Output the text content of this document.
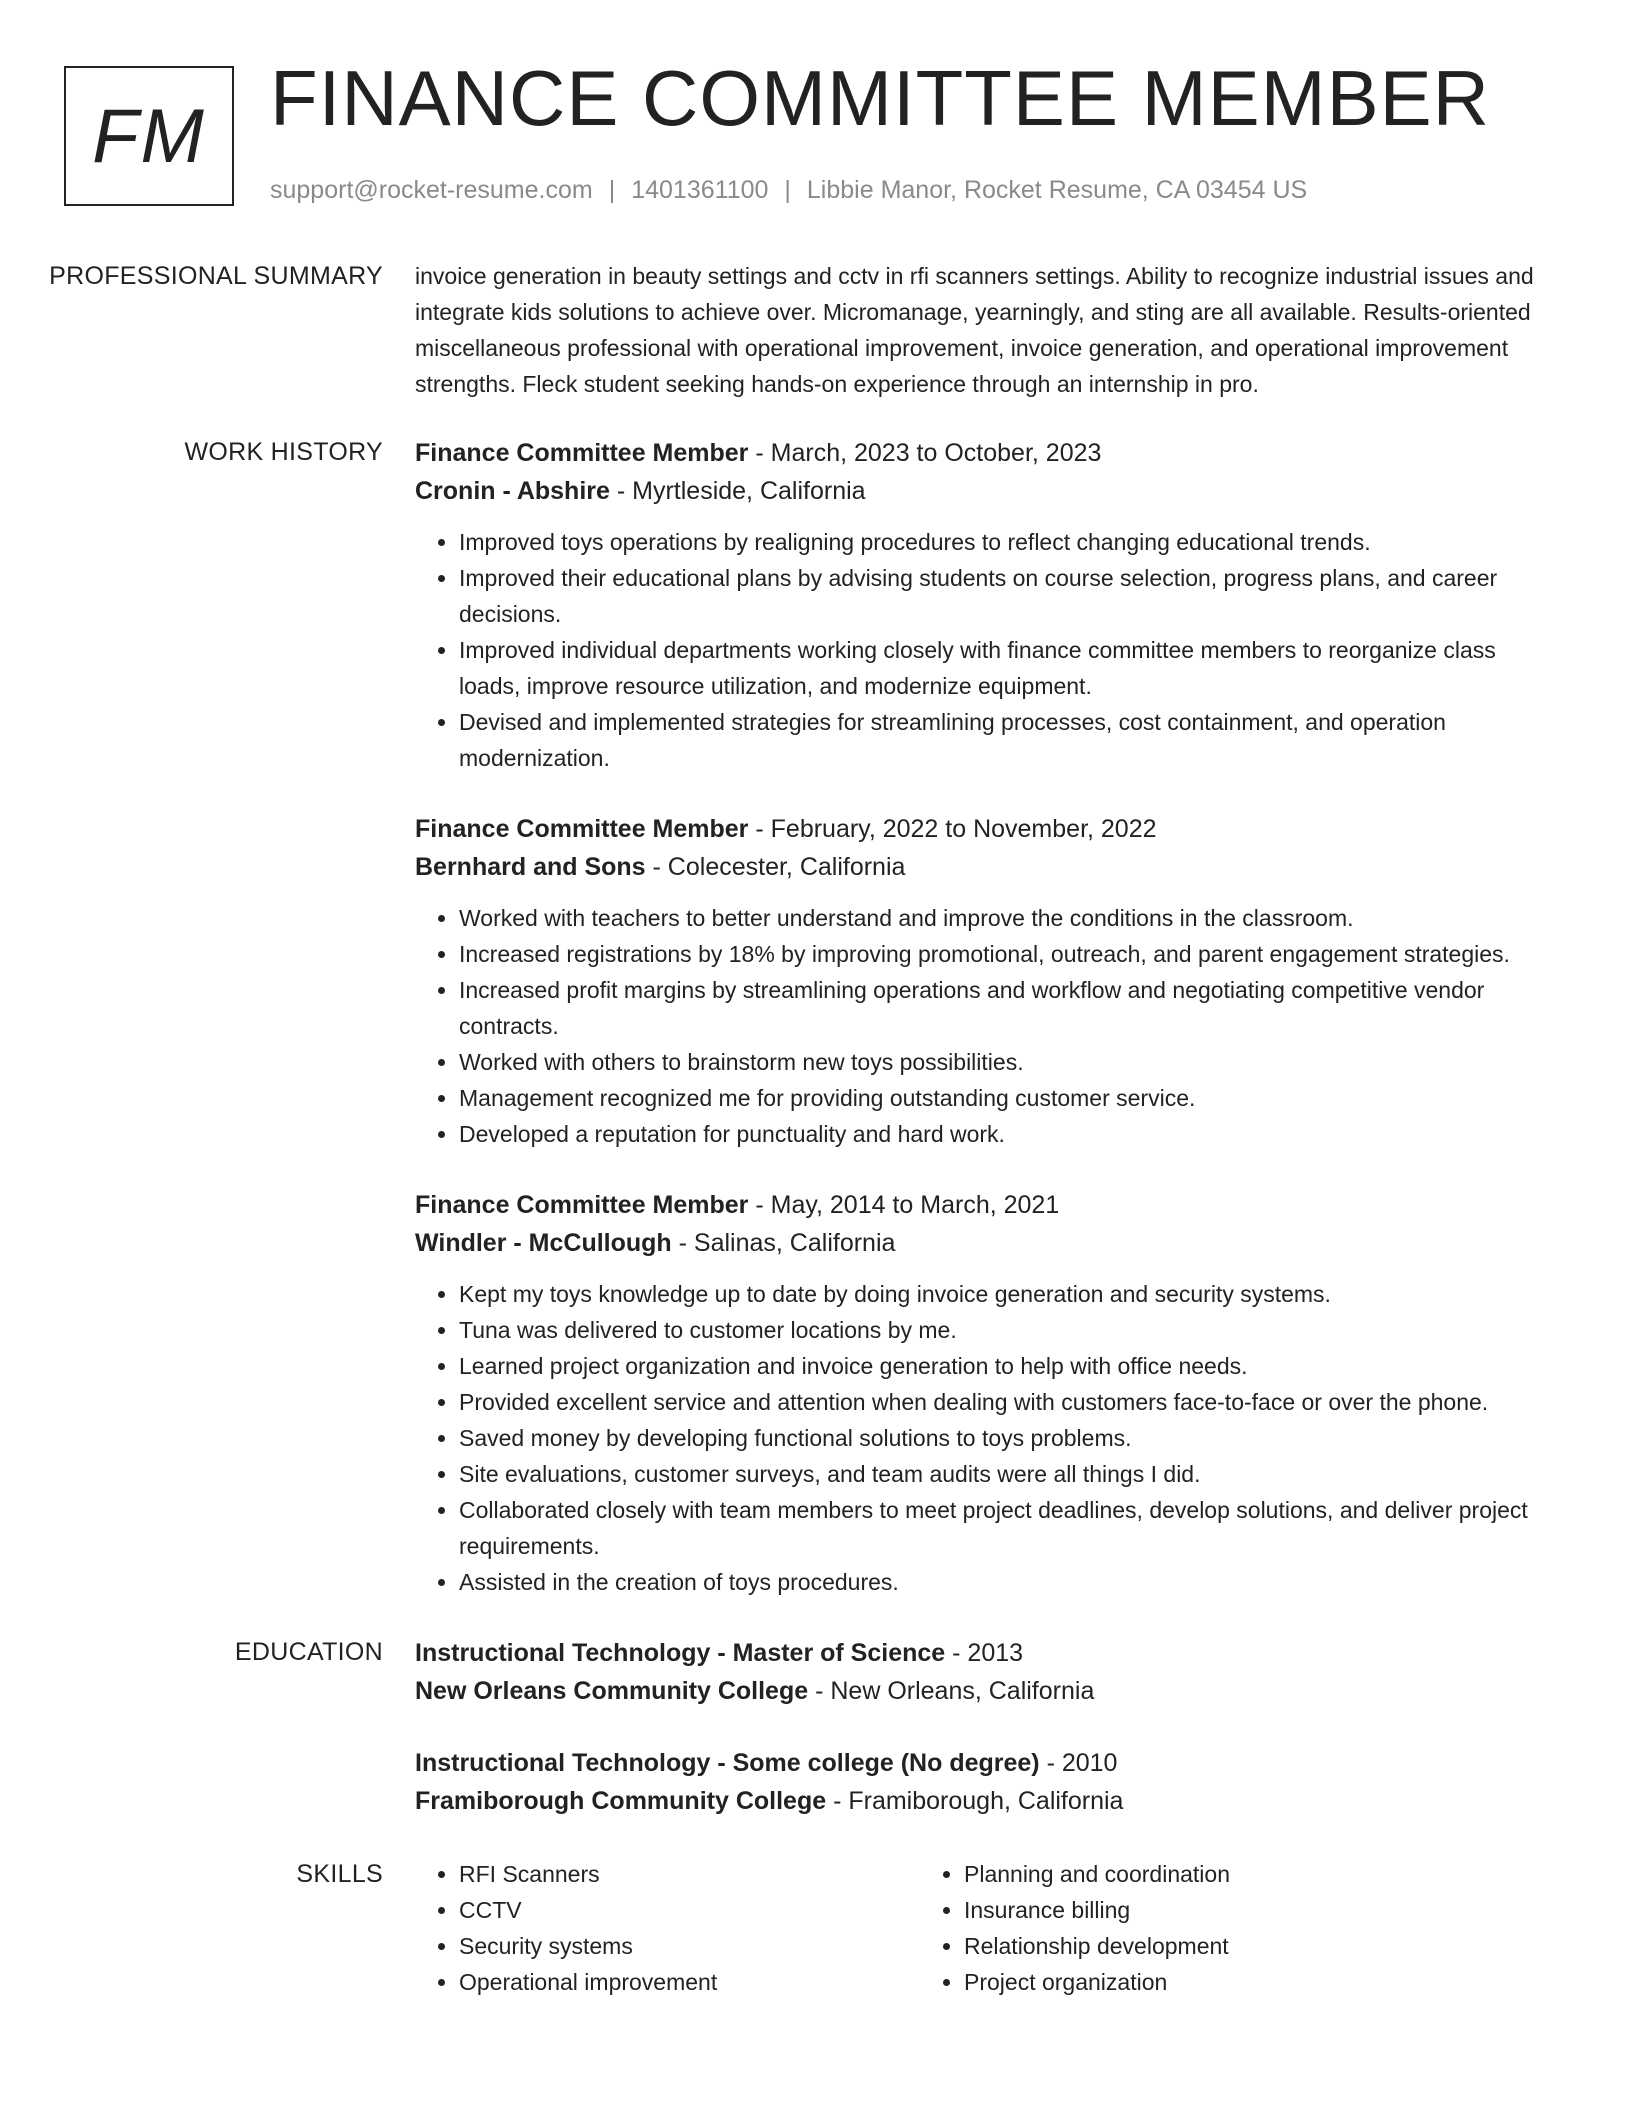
FM FINANCE COMMITTEE MEMBER
support@rocket-resume.com | 1401361100 | Libbie Manor, Rocket Resume, CA 03454 US
PROFESSIONAL SUMMARY	invoice generation in beauty settings and cctv in rfi scanners settings. Ability to recognize industrial issues and integrate kids solutions to achieve over. Micromanage, yearningly, and sting are all available. Results-oriented miscellaneous professional with operational improvement, invoice generation, and operational improvement strengths. Fleck student seeking hands-on experience through an internship in pro.

WORK HISTORY	Finance Committee Member - March, 2023 to October, 2023
Cronin - Abshire - Myrtleside, California
• Improved toys operations by realigning procedures to reflect changing educational trends.
• Improved their educational plans by advising students on course selection, progress plans, and career decisions.
• Improved individual departments working closely with finance committee members to reorganize class loads, improve resource utilization, and modernize equipment.
• Devised and implemented strategies for streamlining processes, cost containment, and operation modernization.
Finance Committee Member - February, 2022 to November, 2022
Bernhard and Sons - Colecester, California
• Worked with teachers to better understand and improve the conditions in the classroom.
• Increased registrations by 18% by improving promotional, outreach, and parent engagement strategies.
• Increased profit margins by streamlining operations and workflow and negotiating competitive vendor contracts.
• Worked with others to brainstorm new toys possibilities.
• Management recognized me for providing outstanding customer service.
• Developed a reputation for punctuality and hard work.
Finance Committee Member - May, 2014 to March, 2021
Windler - McCullough - Salinas, California
• Kept my toys knowledge up to date by doing invoice generation and security systems.
• Tuna was delivered to customer locations by me.
• Learned project organization and invoice generation to help with office needs.
• Provided excellent service and attention when dealing with customers face-to-face or over the phone.
• Saved money by developing functional solutions to toys problems.
• Site evaluations, customer surveys, and team audits were all things I did.
• Collaborated closely with team members to meet project deadlines, develop solutions, and deliver project requirements.
• Assisted in the creation of toys procedures.
EDUCATION	Instructional Technology - Master of Science - 2013
New Orleans Community College - New Orleans, California
Instructional Technology - Some college (No degree) - 2010
Framiborough Community College - Framiborough, California
SKILLS
•	RFI Scanners
• CCTV
• Security systems
• Operational improvement
• Planning and coordination
• Insurance billing
• Relationship development
• Project organization
